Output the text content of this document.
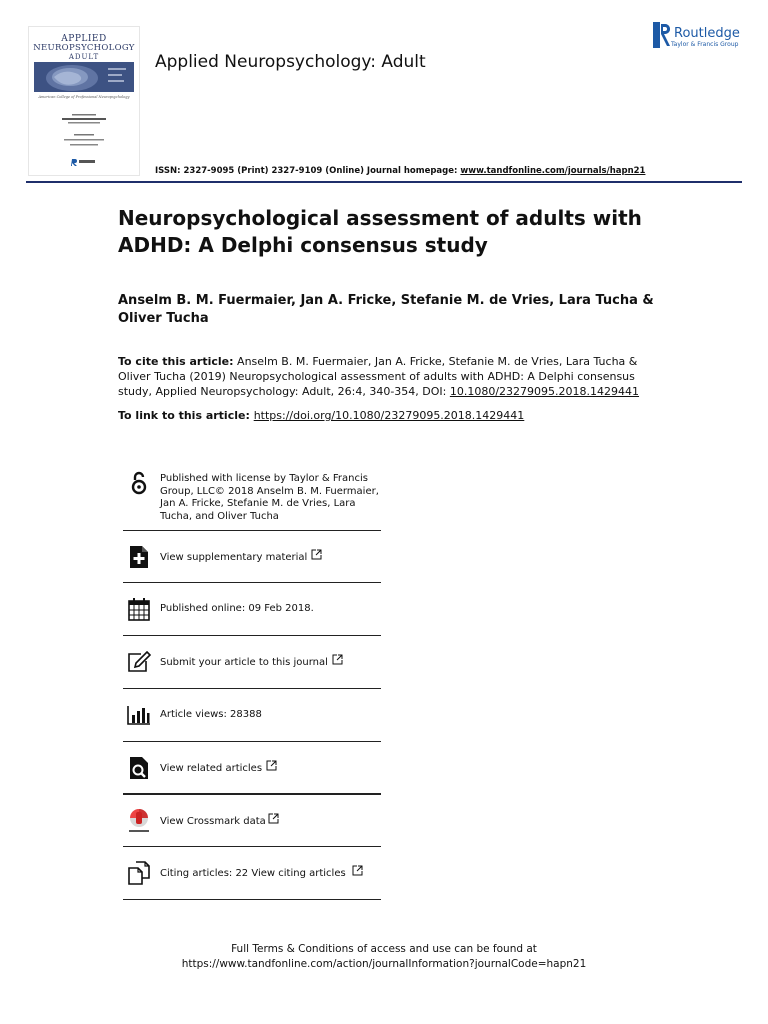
APPLIED
NEUROPSYCHOLOGY
ADULT
American College of Professional Neuropsychology
Applied Neuropsychology: Adult
Routledge
Taylor & Francis Group
ISSN: 2327-9095 (Print) 2327-9109 (Online) Journal homepage: www.tandfonline.com/journals/hapn21
Neuropsychological assessment of adults with ADHD: A Delphi consensus study
Anselm B. M. Fuermaier, Jan A. Fricke, Stefanie M. de Vries, Lara Tucha & Oliver Tucha
To cite this article: Anselm B. M. Fuermaier, Jan A. Fricke, Stefanie M. de Vries, Lara Tucha & Oliver Tucha (2019) Neuropsychological assessment of adults with ADHD: A Delphi consensus study, Applied Neuropsychology: Adult, 26:4, 340-354, DOI: 10.1080/23279095.2018.1429441
To link to this article: https://doi.org/10.1080/23279095.2018.1429441
Published with license by Taylor & Francis Group, LLC© 2018 Anselm B. M. Fuermaier, Jan A. Fricke, Stefanie M. de Vries, Lara Tucha, and Oliver Tucha
View supplementary material
Published online: 09 Feb 2018.
Submit your article to this journal
Article views: 28388
View related articles
View Crossmark data
Citing articles: 22 View citing articles
Full Terms & Conditions of access and use can be found at
https://www.tandfonline.com/action/journalInformation?journalCode=hapn21
